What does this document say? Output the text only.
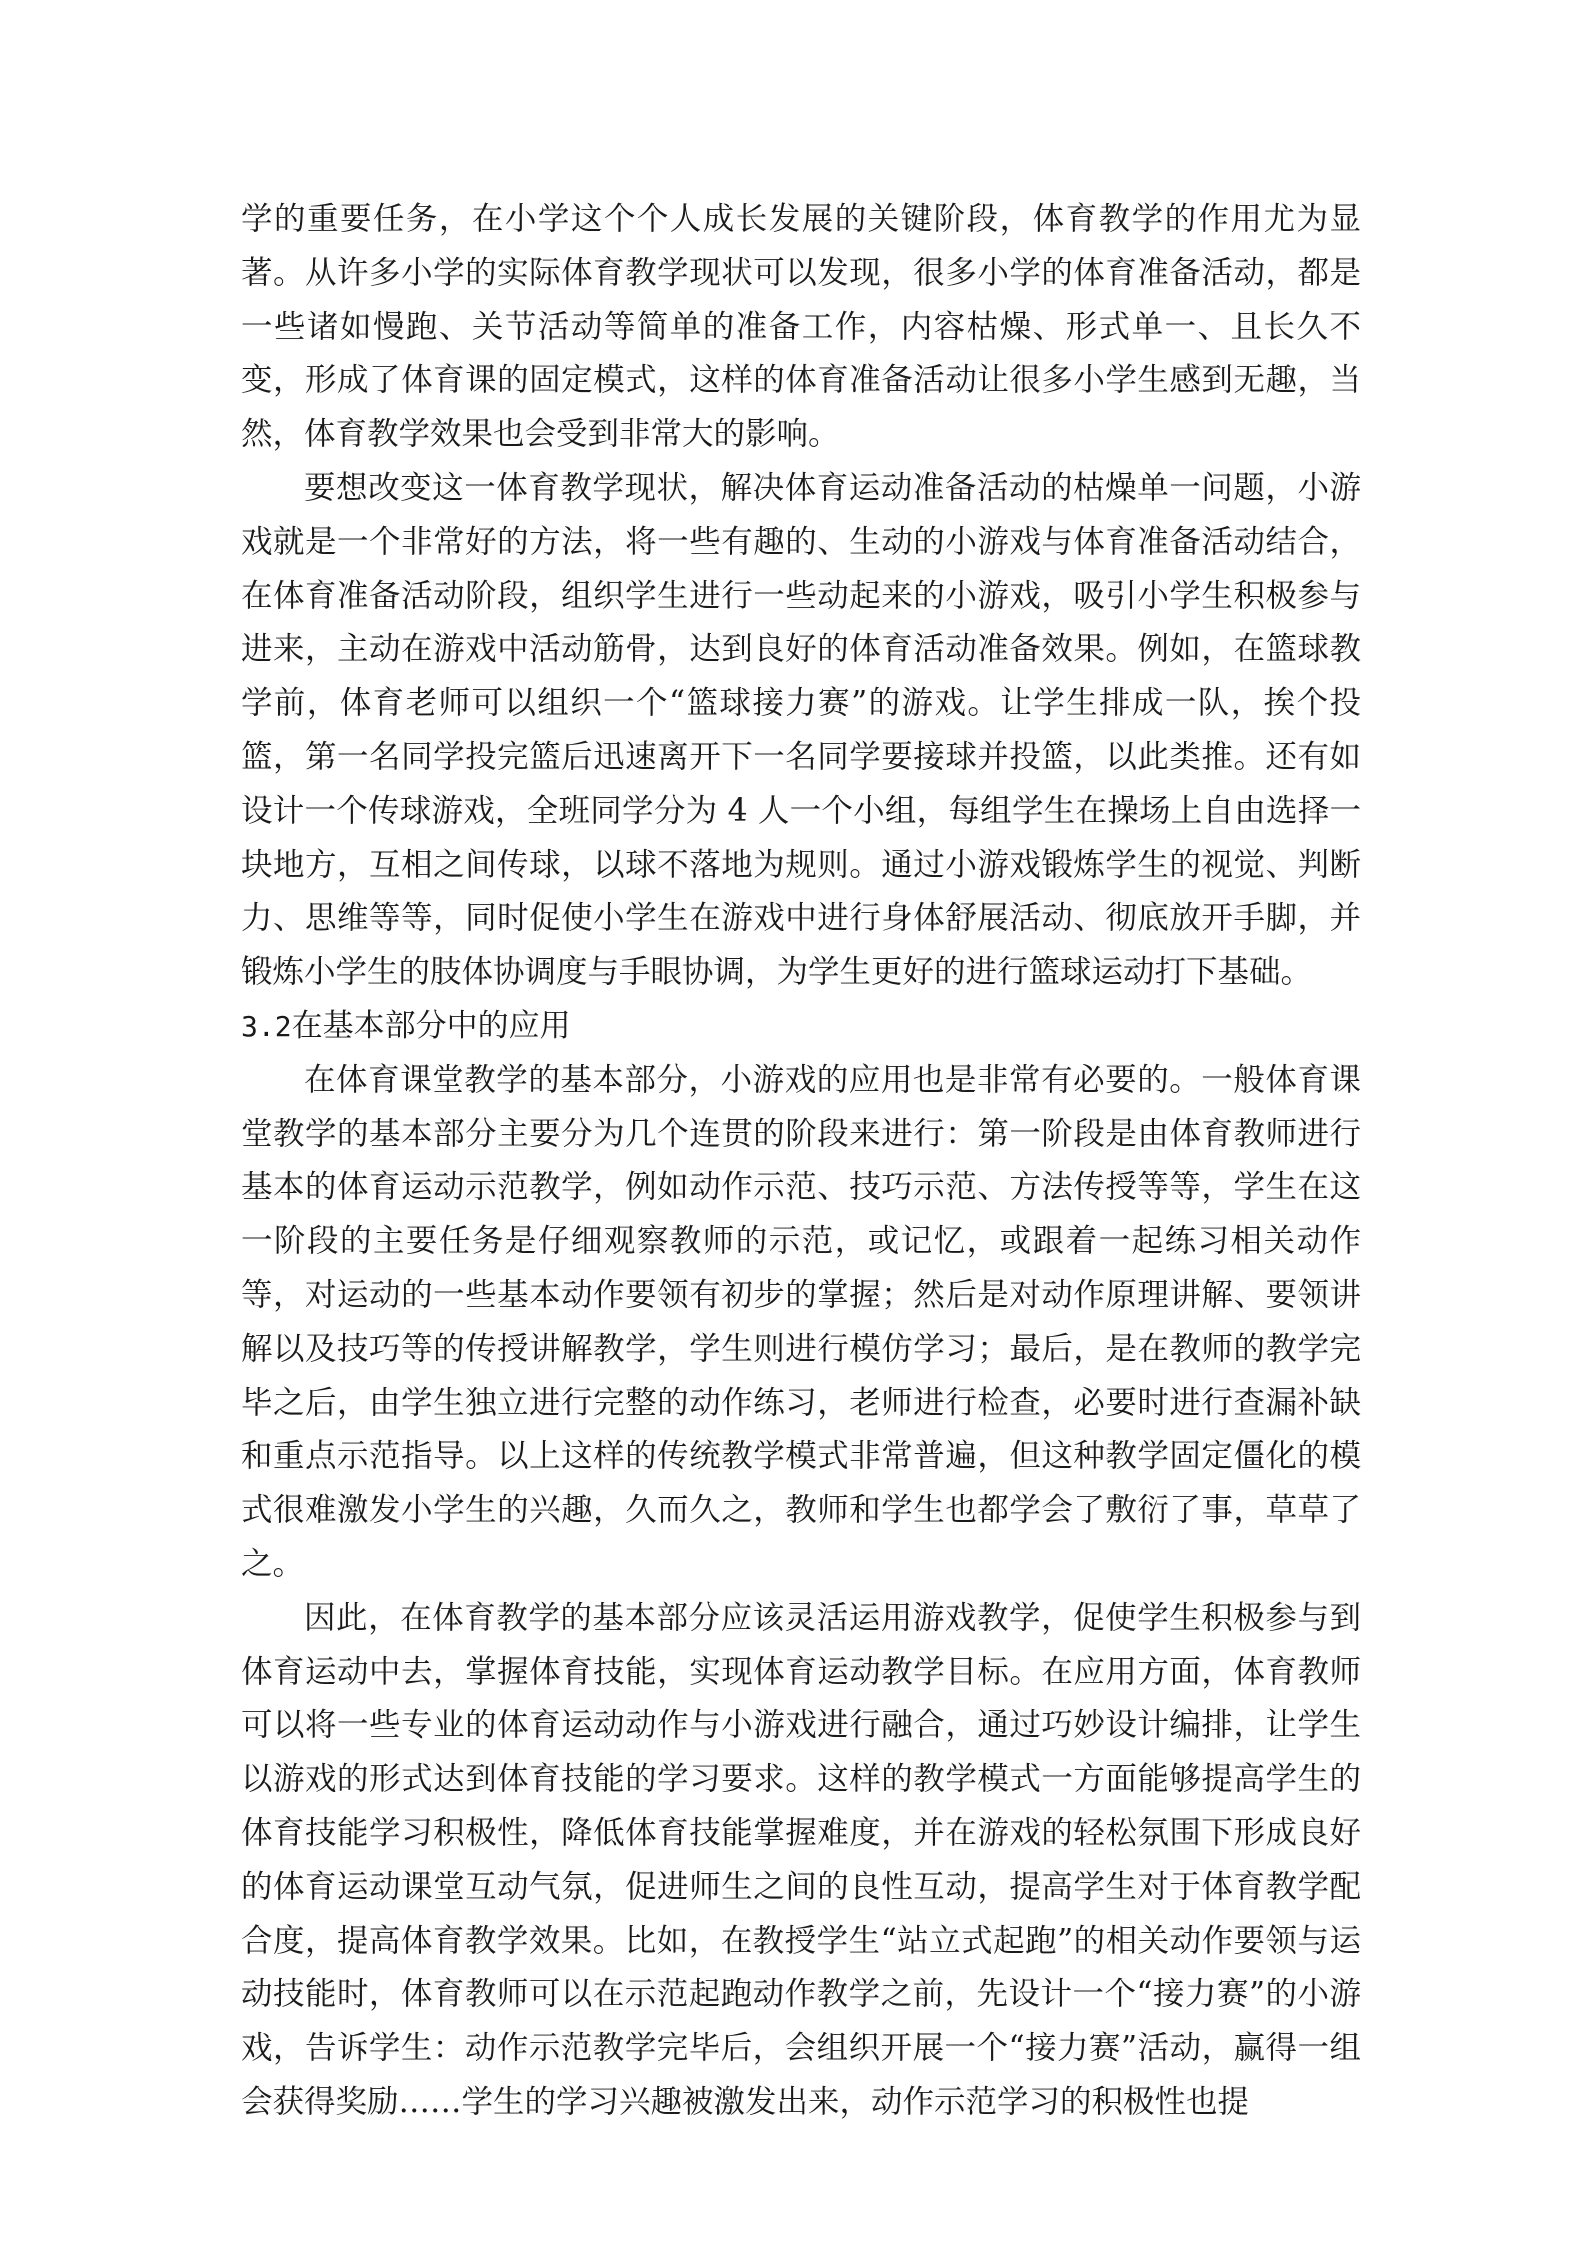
学的重要任务，在小学这个个人成长发展的关键阶段，体育教学的作用尤为显著。从许多小学的实际体育教学现状可以发现，很多小学的体育准备活动，都是一些诸如慢跑、关节活动等简单的准备工作，内容枯燥、形式单一、且长久不变，形成了体育课的固定模式，这样的体育准备活动让很多小学生感到无趣，当然，体育教学效果也会受到非常大的影响。

要想改变这一体育教学现状，解决体育运动准备活动的枯燥单一问题，小游戏就是一个非常好的方法，将一些有趣的、生动的小游戏与体育准备活动结合，在体育准备活动阶段，组织学生进行一些动起来的小游戏，吸引小学生积极参与进来，主动在游戏中活动筋骨，达到良好的体育活动准备效果。例如，在篮球教学前，体育老师可以组织一个“篮球接力赛”的游戏。让学生排成一队，挨个投篮，第一名同学投完篮后迅速离开下一名同学要接球并投篮，以此类推。还有如设计一个传球游戏，全班同学分为 4 人一个小组，每组学生在操场上自由选择一块地方，互相之间传球，以球不落地为规则。通过小游戏锻炼学生的视觉、判断力、思维等等，同时促使小学生在游戏中进行身体舒展活动、彻底放开手脚，并锻炼小学生的肢体协调度与手眼协调，为学生更好的进行篮球运动打下基础。

3.2在基本部分中的应用

在体育课堂教学的基本部分，小游戏的应用也是非常有必要的。一般体育课堂教学的基本部分主要分为几个连贯的阶段来进行：第一阶段是由体育教师进行基本的体育运动示范教学，例如动作示范、技巧示范、方法传授等等，学生在这一阶段的主要任务是仔细观察教师的示范，或记忆，或跟着一起练习相关动作等，对运动的一些基本动作要领有初步的掌握；然后是对动作原理讲解、要领讲解以及技巧等的传授讲解教学，学生则进行模仿学习；最后，是在教师的教学完毕之后，由学生独立进行完整的动作练习，老师进行检查，必要时进行查漏补缺和重点示范指导。以上这样的传统教学模式非常普遍，但这种教学固定僵化的模式很难激发小学生的兴趣，久而久之，教师和学生也都学会了敷衍了事，草草了之。

因此，在体育教学的基本部分应该灵活运用游戏教学，促使学生积极参与到体育运动中去，掌握体育技能，实现体育运动教学目标。在应用方面，体育教师可以将一些专业的体育运动动作与小游戏进行融合，通过巧妙设计编排，让学生以游戏的形式达到体育技能的学习要求。这样的教学模式一方面能够提高学生的体育技能学习积极性，降低体育技能掌握难度，并在游戏的轻松氛围下形成良好的体育运动课堂互动气氛，促进师生之间的良性互动，提高学生对于体育教学配合度，提高体育教学效果。比如，在教授学生“站立式起跑”的相关动作要领与运动技能时，体育教师可以在示范起跑动作教学之前，先设计一个“接力赛”的小游戏，告诉学生：动作示范教学完毕后，会组织开展一个“接力赛”活动，赢得一组会获得奖励……学生的学习兴趣被激发出来，动作示范学习的积极性也提
